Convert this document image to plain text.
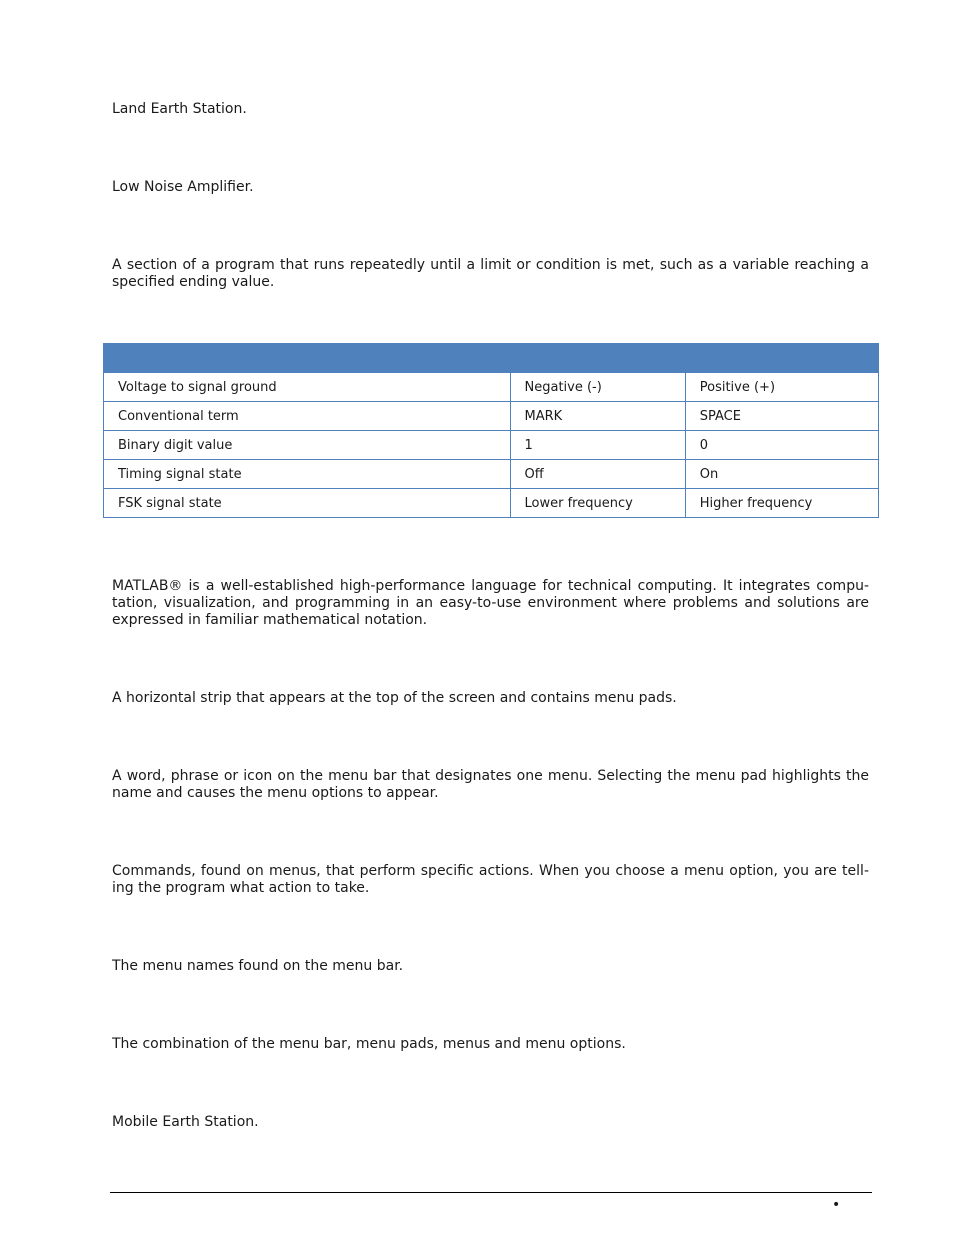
Land Earth Station.

Low Noise Amplifier.

A section of a program that runs repeatedly until a limit or condition is met, such as a variable reaching a specified ending value.

Voltage to signal ground	Negative (-)	Positive (+)
Conventional term	MARK	SPACE
Binary digit value	1	0
Timing signal state	Off	On
FSK signal state	Lower frequency	Higher frequency

MATLAB® is a well-established high-performance language for technical computing. It integrates compu-tation, visualization, and programming in an easy-to-use environment where problems and solutions are expressed in familiar mathematical notation.

A horizontal strip that appears at the top of the screen and contains menu pads.

A word, phrase or icon on the menu bar that designates one menu. Selecting the menu pad highlights the name and causes the menu options to appear.

Commands, found on menus, that perform specific actions. When you choose a menu option, you are tell-ing the program what action to take.

The menu names found on the menu bar.

The combination of the menu bar, menu pads, menus and menu options.

Mobile Earth Station.

•
